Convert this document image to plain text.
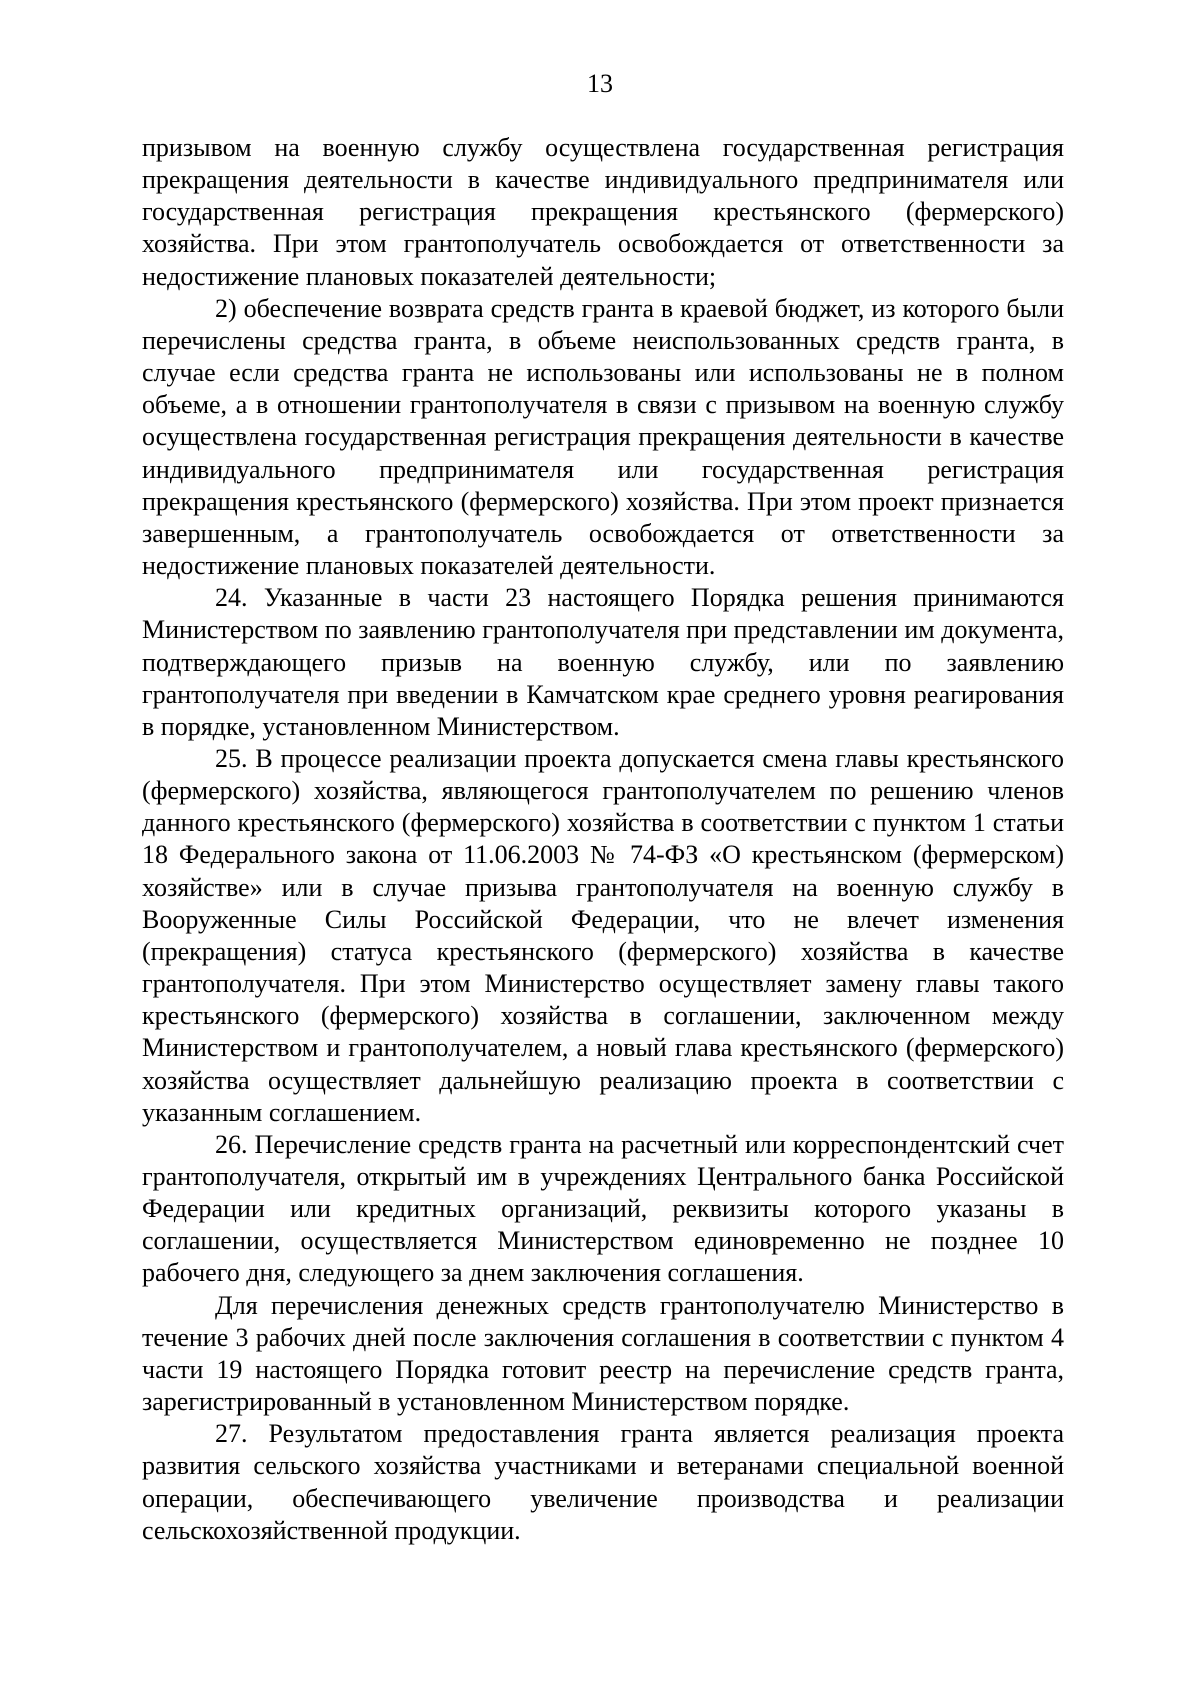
13

призывом на военную службу осуществлена государственная регистрация прекращения деятельности в качестве индивидуального предпринимателя или государственная регистрация прекращения крестьянского (фермерского) хозяйства. При этом грантополучатель освобождается от ответственности за недостижение плановых показателей деятельности;

2) обеспечение возврата средств гранта в краевой бюджет, из которого были перечислены средства гранта, в объеме неиспользованных средств гранта, в случае если средства гранта не использованы или использованы не в полном объеме, а в отношении грантополучателя в связи с призывом на военную службу осуществлена государственная регистрация прекращения деятельности в качестве индивидуального предпринимателя или государственная регистрация прекращения крестьянского (фермерского) хозяйства. При этом проект признается завершенным, а грантополучатель освобождается от ответственности за недостижение плановых показателей деятельности.

24. Указанные в части 23 настоящего Порядка решения принимаются Министерством по заявлению грантополучателя при представлении им документа, подтверждающего призыв на военную службу, или по заявлению грантополучателя при введении в Камчатском крае среднего уровня реагирования в порядке, установленном Министерством.

25. В процессе реализации проекта допускается смена главы крестьянского (фермерского) хозяйства, являющегося грантополучателем по решению членов данного крестьянского (фермерского) хозяйства в соответствии с пунктом 1 статьи 18 Федерального закона от 11.06.2003 № 74-ФЗ «О крестьянском (фермерском) хозяйстве» или в случае призыва грантополучателя на военную службу в Вооруженные Силы Российской Федерации, что не влечет изменения (прекращения) статуса крестьянского (фермерского) хозяйства в качестве грантополучателя. При этом Министерство осуществляет замену главы такого крестьянского (фермерского) хозяйства в соглашении, заключенном между Министерством и грантополучателем, а новый глава крестьянского (фермерского) хозяйства осуществляет дальнейшую реализацию проекта в соответствии с указанным соглашением.

26. Перечисление средств гранта на расчетный или корреспондентский счет грантополучателя, открытый им в учреждениях Центрального банка Российской Федерации или кредитных организаций, реквизиты которого указаны в соглашении, осуществляется Министерством единовременно не позднее 10 рабочего дня, следующего за днем заключения соглашения.

Для перечисления денежных средств грантополучателю Министерство в течение 3 рабочих дней после заключения соглашения в соответствии с пунктом 4 части 19 настоящего Порядка готовит реестр на перечисление средств гранта, зарегистрированный в установленном Министерством порядке.

27. Результатом предоставления гранта является реализация проекта развития сельского хозяйства участниками и ветеранами специальной военной операции, обеспечивающего увеличение производства и реализации сельскохозяйственной продукции.
